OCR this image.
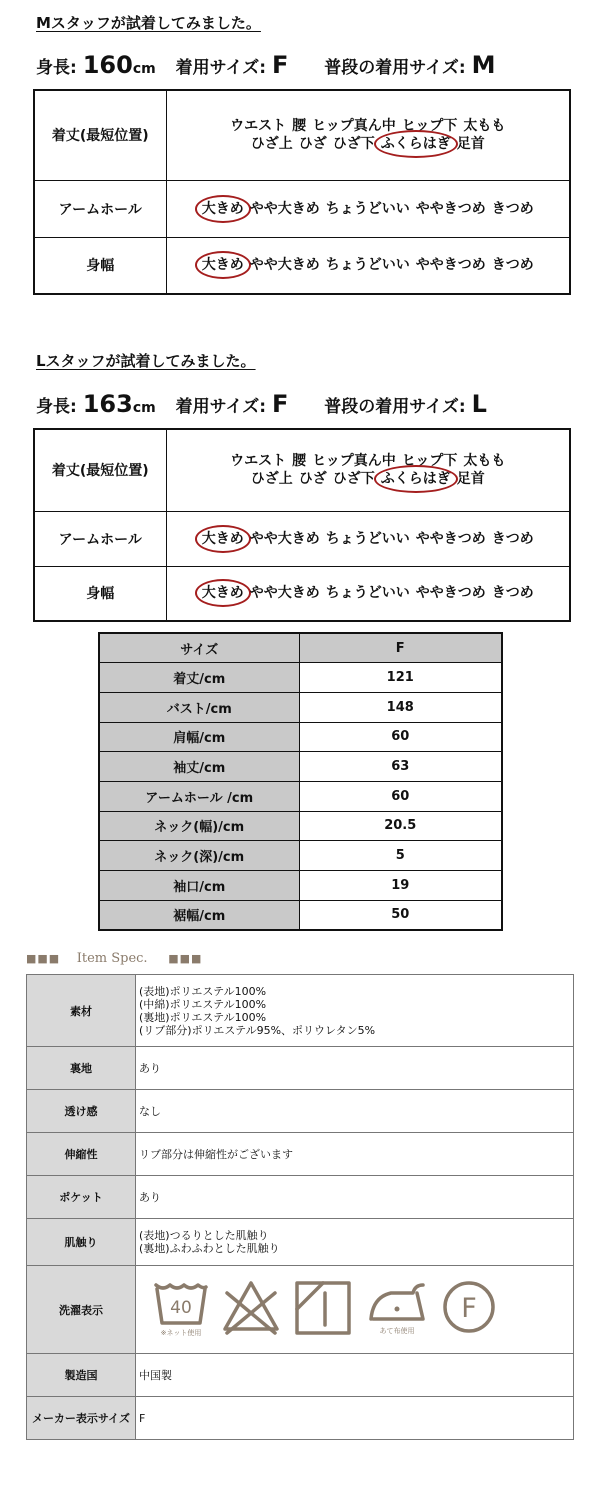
Mスタッフが試着してみました。
身長: 160cm 着用サイズ: F 普段の着用サイズ: M
着丈(最短位置)	ウエスト 腰 ヒップ真ん中 ヒップ下 太もも
ひざ上 ひざ ひざ下 ふくらはぎ 足首

アームホール	大きめ やや大きめ ちょうどいい ややきつめ きつめ

身幅	大きめ やや大きめ ちょうどいい ややきつめ きつめ
Lスタッフが試着してみました。
身長: 163cm 着用サイズ: F 普段の着用サイズ: L
着丈(最短位置)	ウエスト 腰 ヒップ真ん中 ヒップ下 太もも
ひざ上 ひざ ひざ下 ふくらはぎ 足首

アームホール	大きめ やや大きめ ちょうどいい ややきつめ きつめ

身幅	大きめ やや大きめ ちょうどいい ややきつめ きつめ
サイズ	F
着丈/cm	121
バスト/cm	148
肩幅/cm	60
袖丈/cm	63
アームホール /cm	60
ネック(幅)/cm	20.5
ネック(深)/cm	5
袖口/cm	19
裾幅/cm	50
■■■ Item Spec. ■■■
素材	(表地)ポリエステル100%
(中綿)ポリエステル100%
(裏地)ポリエステル100%
(リブ部分)ポリエステル95%、ポリウレタン5%

裏地	あり

透け感	なし

伸縮性	リブ部分は伸縮性がございます

ポケット	あり

肌触り	(表地)つるりとした肌触り
(裏地)ふわふわとした肌触り

洗濯表示	40
※ネット使用 あて布使用
F

製造国	中国製

メーカー表示サイズ	F
